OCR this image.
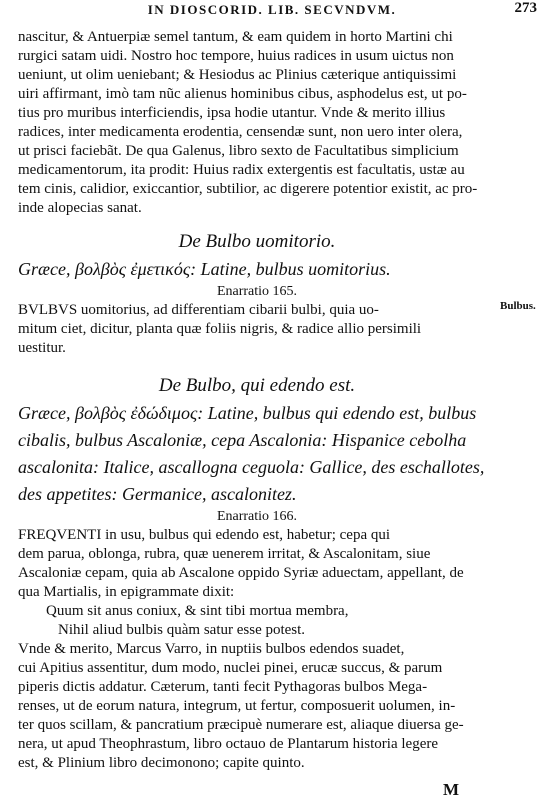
IN DIOSCORID. LIB. SECVNDVM.	273
nascitur, & Antuerpiæ semel tantum, & eam quidem in horto Martini chi
rurgici satam uidi. Nostro hoc tempore, huius radices in usum uictus non
ueniunt, ut olim ueniebant; & Hesiodus ac Plinius cæterique antiquissimi
uiri affirmant, imò tam nũc alienus hominibus cibus, asphodelus est, ut po-
tius pro muribus interficiendis, ipsa hodie utantur. Vnde & merito illius
radices, inter medicamenta erodentia, censendæ sunt, non uero inter olera,
ut prisci faciebãt. De qua Galenus, libro sexto de Facultatibus simplicium
medicamentorum, ita prodit: Huius radix extergentis est facultatis, ustæ au
tem cinis, calidior, exiccantior, subtilior, ac digerere potentior existit, ac pro-
inde alopecias sanat.
De Bulbo uomitorio.
Græce, βολβὸς ἐμετικός: Latine, bulbus uomitorius.
Enarratio 165.
BVLBVS uomitorius, ad differentiam cibarii bulbi, quia uo-
mitum ciet, dicitur, planta quæ foliis nigris, & radice allio persimili
uestitur.
Bulbus.
De Bulbo, qui edendo est.
Græce, βολβὸς ἐδώδιμος: Latine, bulbus qui edendo est, bulbus
cibalis, bulbus Ascaloniæ, cepa Ascalonia: Hispanice cebolha
ascalonita: Italice, ascallogna ceguola: Gallice, des eschallotes,
des appetites: Germanice, ascalonitez.
Enarratio 166.
FREQVENTI in usu, bulbus qui edendo est, habetur; cepa qui
dem parua, oblonga, rubra, quæ uenerem irritat, & Ascalonitam, siue
Ascaloniæ cepam, quia ab Ascalone oppido Syriæ aduectam, appellant, de
qua Martialis, in epigrammate dixit:
Quum sit anus coniux, & sint tibi mortua membra,
Nihil aliud bulbis quàm satur esse potest.
Vnde & merito, Marcus Varro, in nuptiis bulbos edendos suadet,
cui Apitius assentitur, dum modo, nuclei pinei, erucæ succus, & parum
piperis dictis addatur. Cæterum, tanti fecit Pythagoras bulbos Mega-
renses, ut de eorum natura, integrum, ut fertur, composuerit uolumen, in-
ter quos scillam, & pancratium præcipuè numerare est, aliaque diuersa ge-
nera, ut apud Theophrastum, libro octauo de Plantarum historia legere
est, & Plinium libro decimonono; capite quinto.
M
